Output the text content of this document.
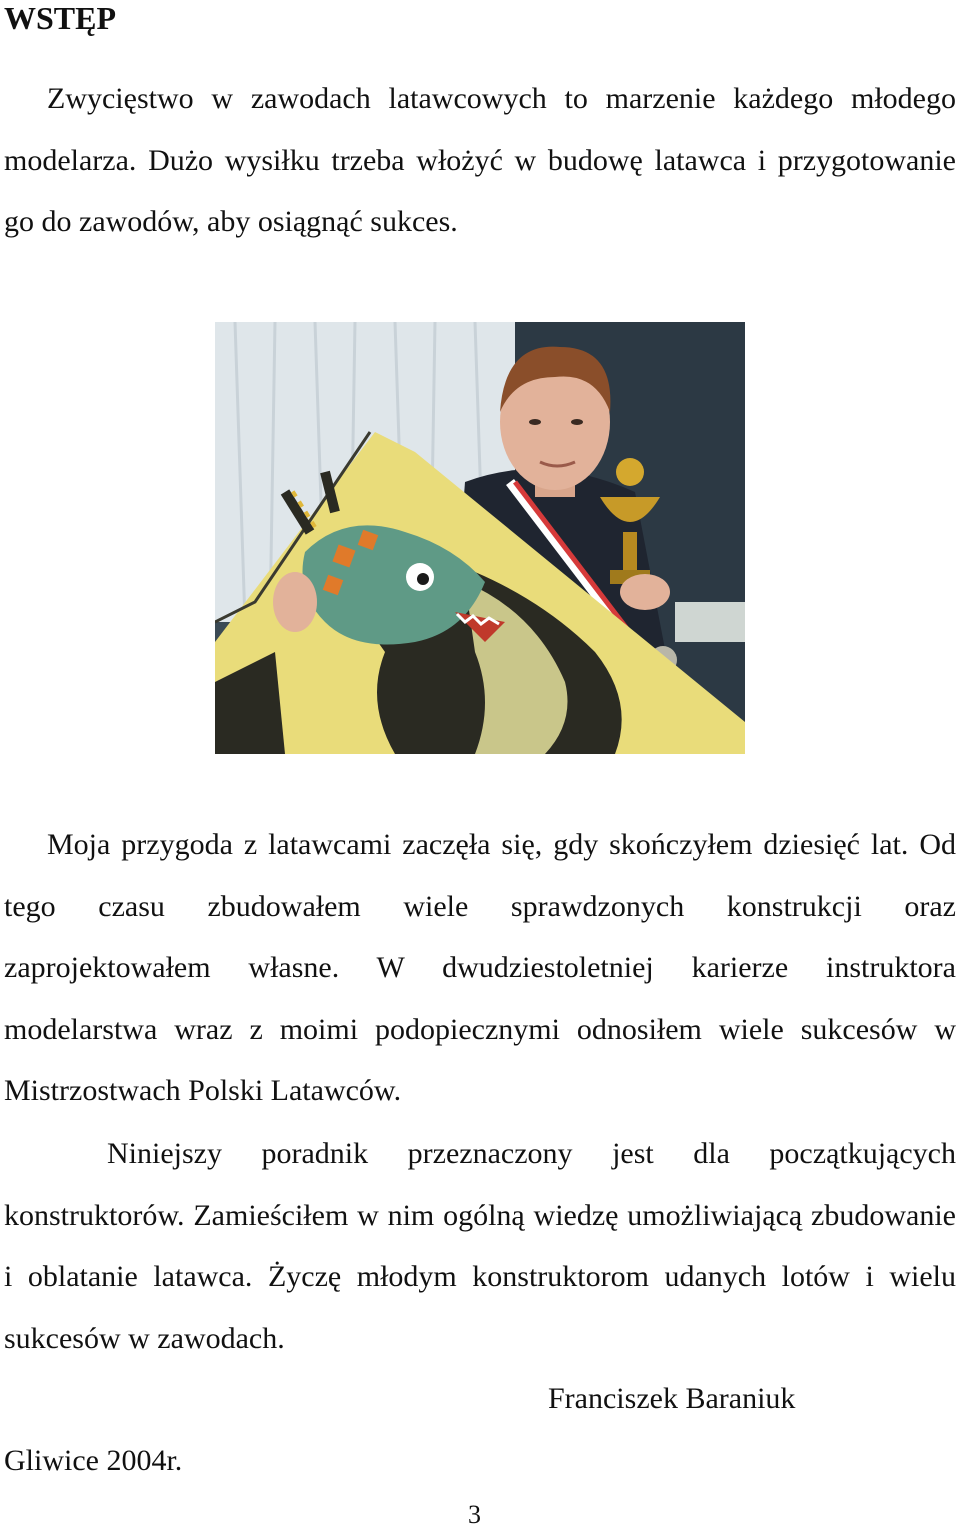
WSTĘP

Zwycięstwo w zawodach latawcowych to marzenie każdego młodego modelarza. Dużo wysiłku trzeba włożyć w budowę latawca i przygotowanie go do zawodów, aby osiągnąć sukces.

Moja przygoda z latawcami zaczęła się, gdy skończyłem dziesięć lat. Od tego czasu zbudowałem wiele sprawdzonych konstrukcji oraz zaprojektowałem własne. W dwudziestoletniej karierze instruktora modelarstwa wraz z moimi podopiecznymi odnosiłem wiele sukcesów w Mistrzostwach Polski Latawców.

Niniejszy poradnik przeznaczony jest dla początkujących konstruktorów. Zamieściłem w nim ogólną wiedzę umożliwiającą zbudowanie i oblatanie latawca. Życzę młodym konstruktorom udanych lotów i wielu sukcesów w zawodach.

Franciszek Baraniuk

Gliwice 2004r.

3
